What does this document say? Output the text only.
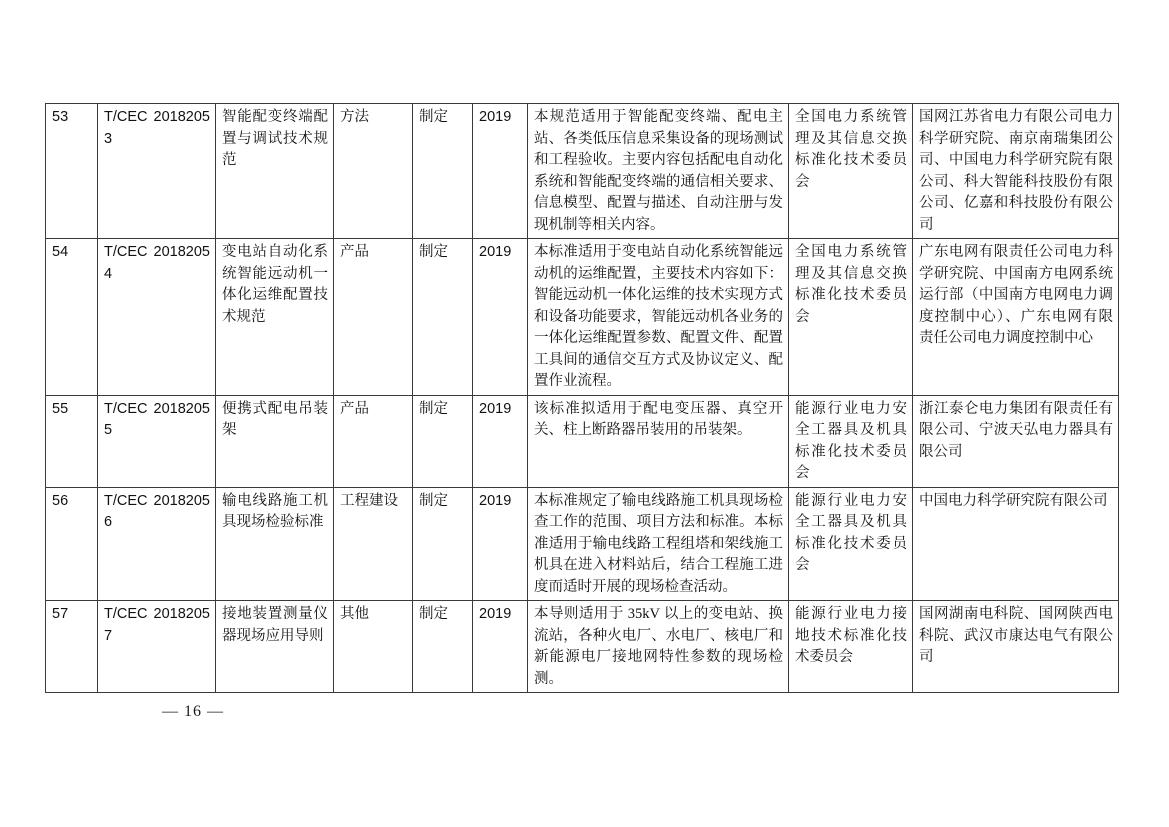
53	T/CEC 20182053	智能配变终端配置与调试技术规范	方法	制定	2019	本规范适用于智能配变终端、配电主站、各类低压信息采集设备的现场测试和工程验收。主要内容包括配电自动化系统和智能配变终端的通信相关要求、信息模型、配置与描述、自动注册与发现机制等相关内容。	全国电力系统管理及其信息交换标准化技术委员会	国网江苏省电力有限公司电力科学研究院、南京南瑞集团公司、中国电力科学研究院有限公司、科大智能科技股份有限公司、亿嘉和科技股份有限公司
54	T/CEC 20182054	变电站自动化系统智能远动机一体化运维配置技术规范	产品	制定	2019	本标准适用于变电站自动化系统智能远动机的运维配置，主要技术内容如下：智能远动机一体化运维的技术实现方式和设备功能要求，智能远动机各业务的一体化运维配置参数、配置文件、配置工具间的通信交互方式及协议定义、配置作业流程。	全国电力系统管理及其信息交换标准化技术委员会	广东电网有限责任公司电力科学研究院、中国南方电网系统运行部（中国南方电网电力调度控制中心）、广东电网有限责任公司电力调度控制中心
55	T/CEC 20182055	便携式配电吊装架	产品	制定	2019	该标准拟适用于配电变压器、真空开关、柱上断路器吊装用的吊装架。	能源行业电力安全工器具及机具标准化技术委员会	浙江泰仑电力集团有限责任有限公司、宁波天弘电力器具有限公司
56	T/CEC 20182056	输电线路施工机具现场检验标准	工程建设	制定	2019	本标准规定了输电线路施工机具现场检查工作的范围、项目方法和标准。本标准适用于输电线路工程组塔和架线施工机具在进入材料站后，结合工程施工进度而适时开展的现场检查活动。	能源行业电力安全工器具及机具标准化技术委员会	中国电力科学研究院有限公司
57	T/CEC 20182057	接地装置测量仪器现场应用导则	其他	制定	2019	本导则适用于 35kV 以上的变电站、换流站，各种火电厂、水电厂、核电厂和新能源电厂接地网特性参数的现场检测。	能源行业电力接地技术标准化技术委员会	国网湖南电科院、国网陕西电科院、武汉市康达电气有限公司
— 16 —
